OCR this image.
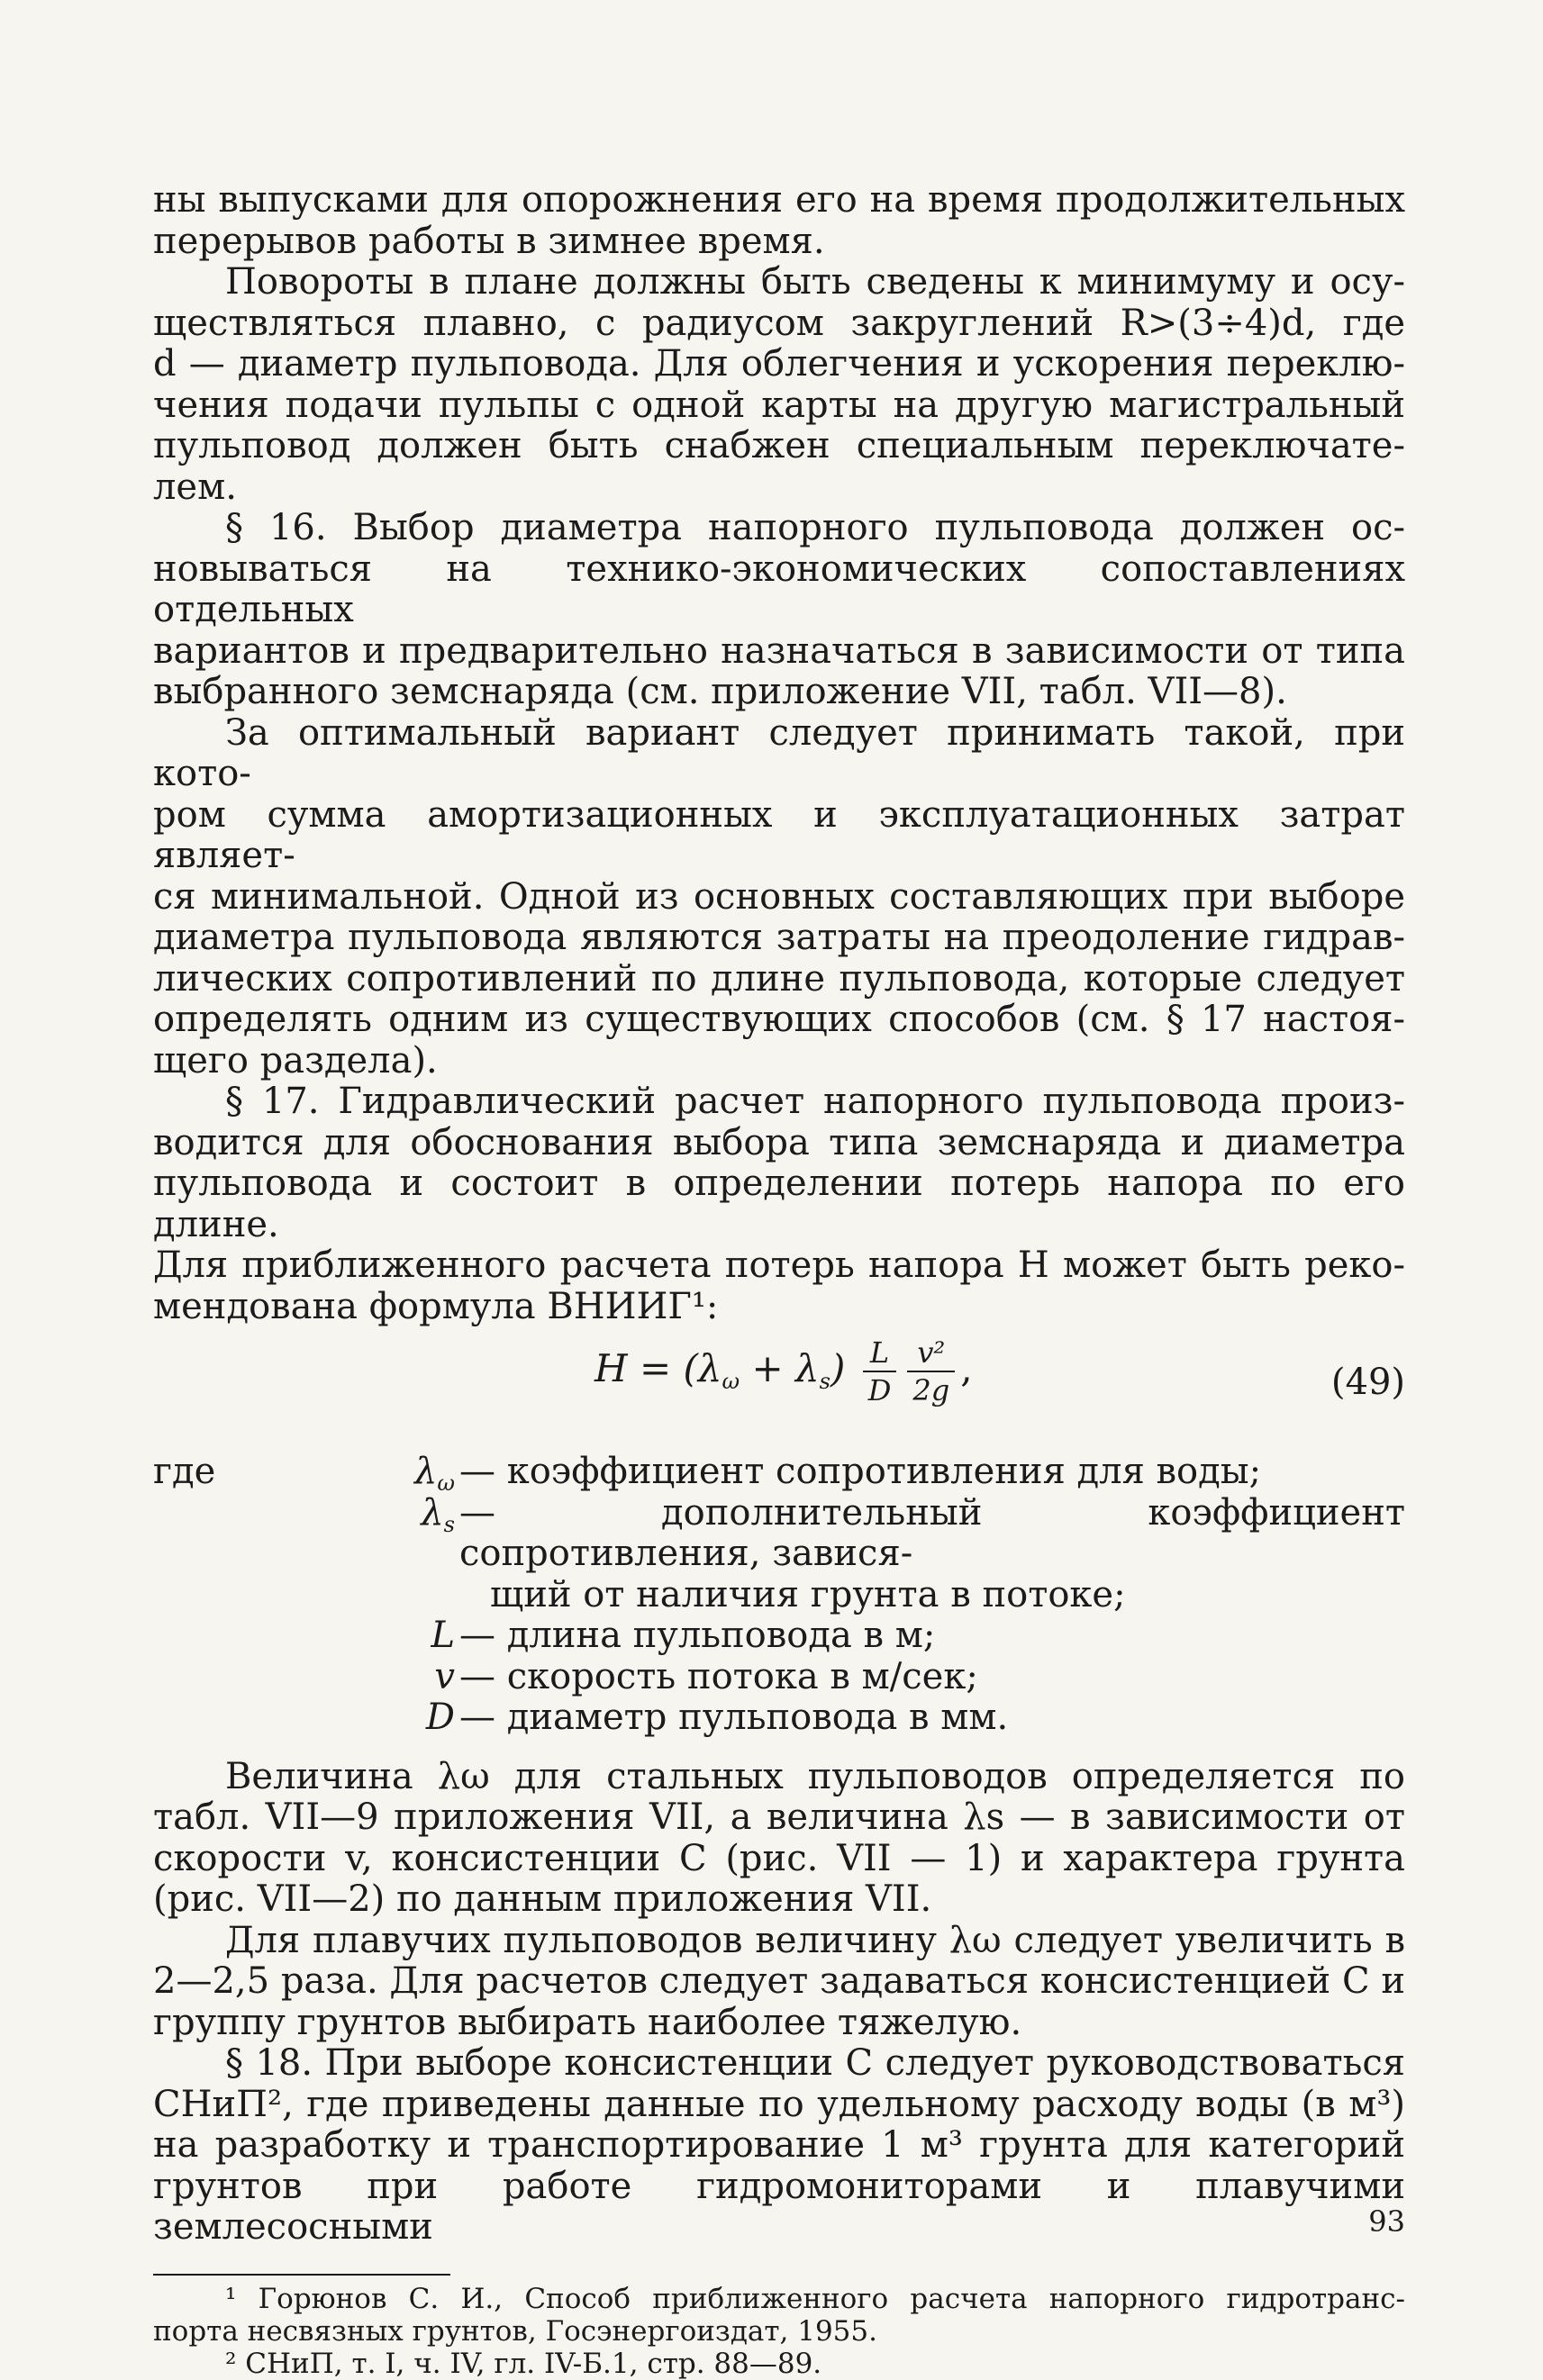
ны выпусками для опорожнения его на время продолжительных
перерывов работы в зимнее время.

Повороты в плане должны быть сведены к минимуму и осу-
ществляться плавно, с радиусом закруглений R>(3÷4)d, где
d — диаметр пульповода. Для облегчения и ускорения переклю-
чения подачи пульпы с одной карты на другую магистральный
пульповод должен быть снабжен специальным переключате-
лем.

§ 16. Выбор диаметра напорного пульповода должен ос-
новываться на технико-экономических сопоставлениях отдельных
вариантов и предварительно назначаться в зависимости от типа
выбранного земснаряда (см. приложение VII, табл. VII—8).

За оптимальный вариант следует принимать такой, при кото-
ром сумма амортизационных и эксплуатационных затрат являет-
ся минимальной. Одной из основных составляющих при выборе
диаметра пульповода являются затраты на преодоление гидрав-
лических сопротивлений по длине пульповода, которые следует
определять одним из существующих способов (см. § 17 настоя-
щего раздела).

§ 17. Гидравлический расчет напорного пульповода произ-
водится для обоснования выбора типа земснаряда и диаметра
пульповода и состоит в определении потерь напора по его длине.
Для приближенного расчета потерь напора H может быть реко-
мендована формула ВНИИГ¹:

$H = (\lambda_\omega + \lambda_s) \frac{L}{D} \frac{\text{v²}}{2g}$ ,	(49)
где	$\lambda_\omega$ — коэффициент сопротивления для воды;
$\lambda_s$ — дополнительный коэффициент сопротивления, завися-
щий от наличия грунта в потоке;
L — длина пульповода в м;
v — скорость потока в м/сек;
D — диаметр пульповода в мм.

Величина λω для стальных пульповодов определяется по
табл. VII—9 приложения VII, а величина λs — в зависимости от
скорости v, консистенции C (рис. VII — 1) и характера грунта
(рис. VII—2) по данным приложения VII.

Для плавучих пульповодов величину λω следует увеличить в
2—2,5 раза. Для расчетов следует задаваться консистенцией C и
группу грунтов выбирать наиболее тяжелую.

§ 18. При выборе консистенции C следует руководствоваться
СНиП², где приведены данные по удельному расходу воды (в м³)
на разработку и транспортирование 1 м³ грунта для категорий
грунтов при работе гидромониторами и плавучими землесосными

¹ Горюнов С. И., Способ приближенного расчета напорного гидротранс-
порта несвязных грунтов, Госэнергоиздат, 1955.

² СНиП, т. I, ч. IV, гл. IV-Б.1, стр. 88—89.

93
